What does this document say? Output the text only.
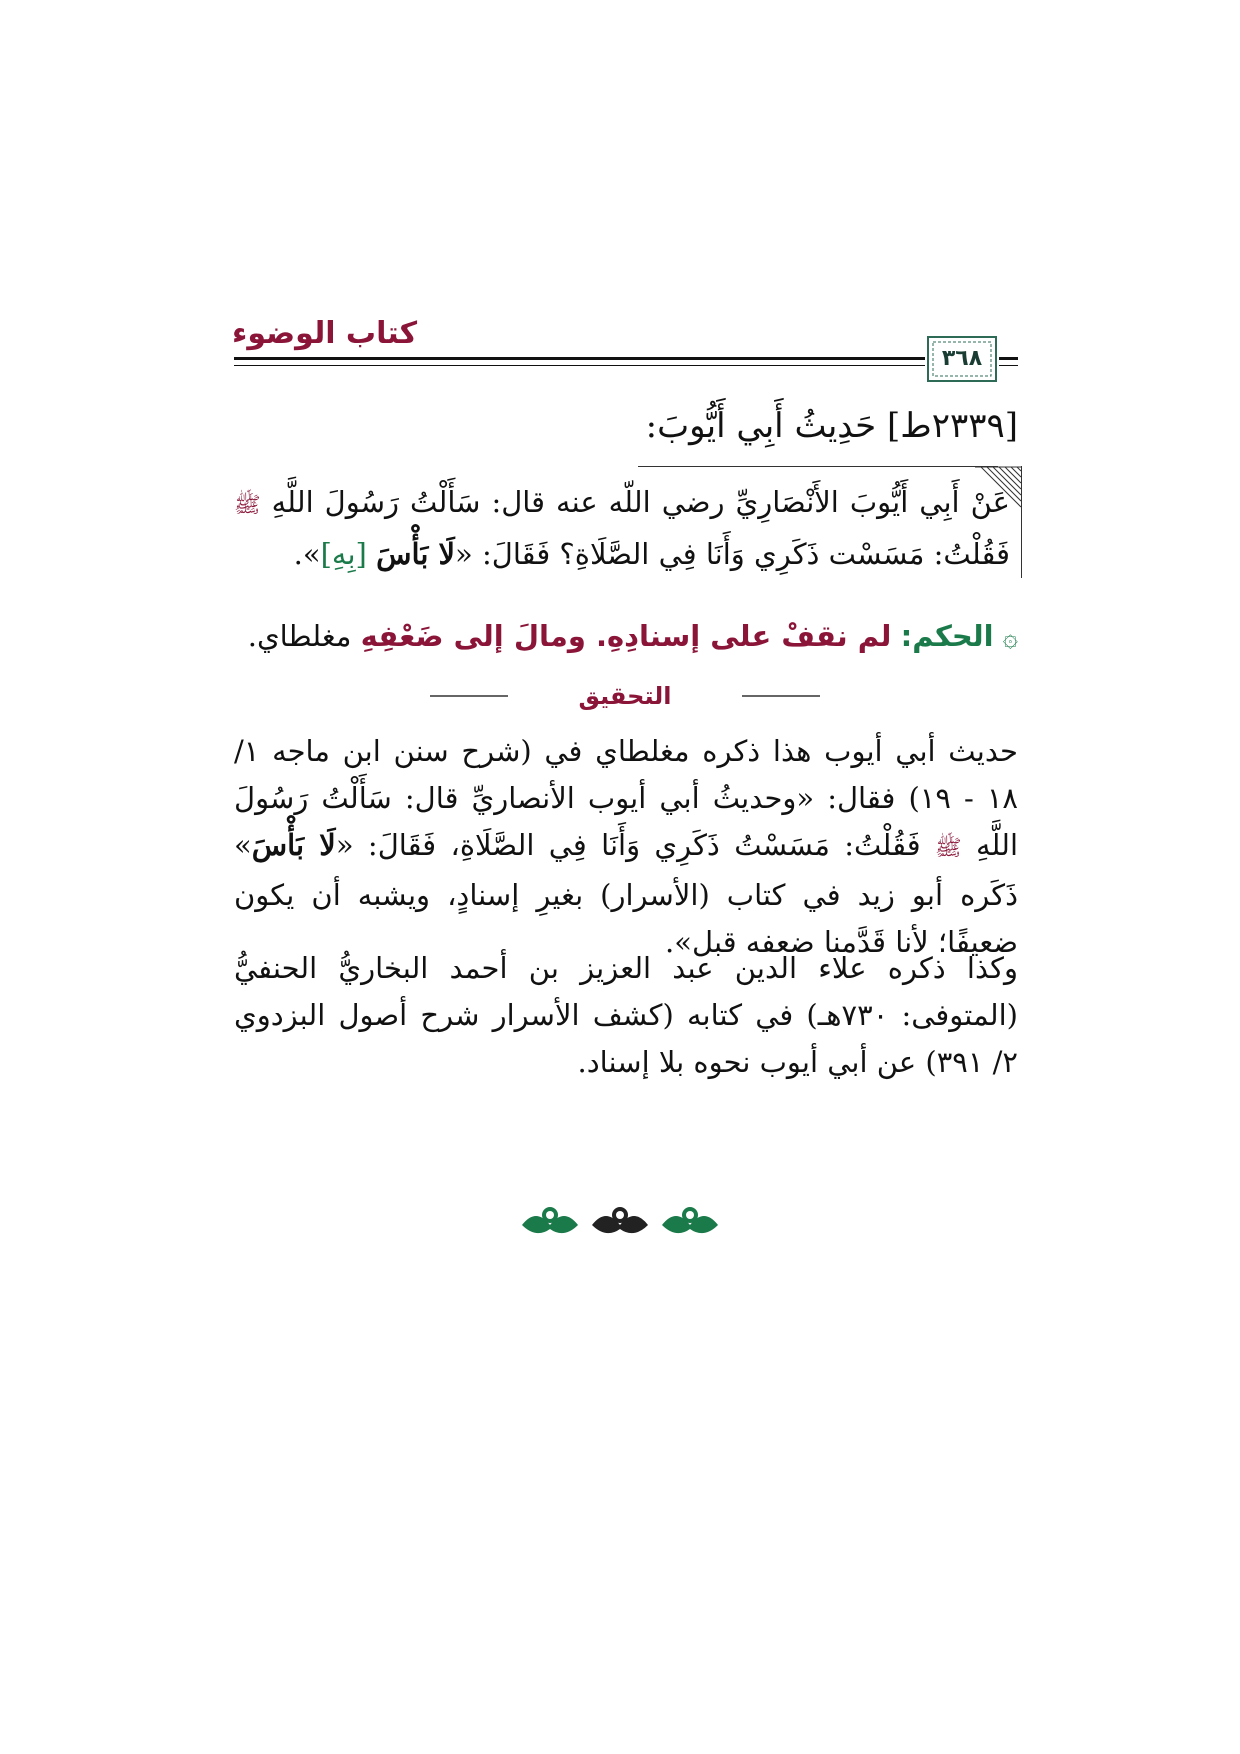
كتاب الوضوء
٣٦٨
[٢٣٣٩ط] حَدِيثُ أَبِي أَيُّوبَ:
عَنْ أَبِي أَيُّوبَ الأَنْصَارِيِّ رضي اللّه عنه قال: سَأَلْتُ رَسُولَ اللَّهِ ﷺ فَقُلْتُ: مَسَسْت ذَكَرِي وَأَنَا فِي الصَّلَاةِ؟ فَقَالَ: «لَا بَأْسَ [بِهِ]».
۞ الحكم: لم نقفْ على إسنادِهِ. ومالَ إلى ضَعْفِهِ مغلطاي.
التحقيق
حديث أبي أيوب هذا ذكره مغلطاي في (شرح سنن ابن ماجه ١/ ١٨ - ١٩) فقال: «وحديثُ أبي أيوب الأنصاريِّ قال: سَأَلْتُ رَسُولَ اللَّهِ ﷺ فَقُلْتُ: مَسَسْتُ ذَكَرِي وَأَنَا فِي الصَّلَاةِ، فَقَالَ: «لَا بَأْسَ» ذَكَره أبو زيد في كتاب (الأسرار) بغيرِ إسنادٍ، ويشبه أن يكون ضعيفًا؛ لأنا قَدَّمنا ضعفه قبل».
وكذا ذكره علاء الدين عبد العزيز بن أحمد البخاريُّ الحنفيُّ (المتوفى: ٧٣٠هـ) في كتابه (كشف الأسرار شرح أصول البزدوي ٢/ ٣٩١) عن أبي أيوب نحوه بلا إسناد.
